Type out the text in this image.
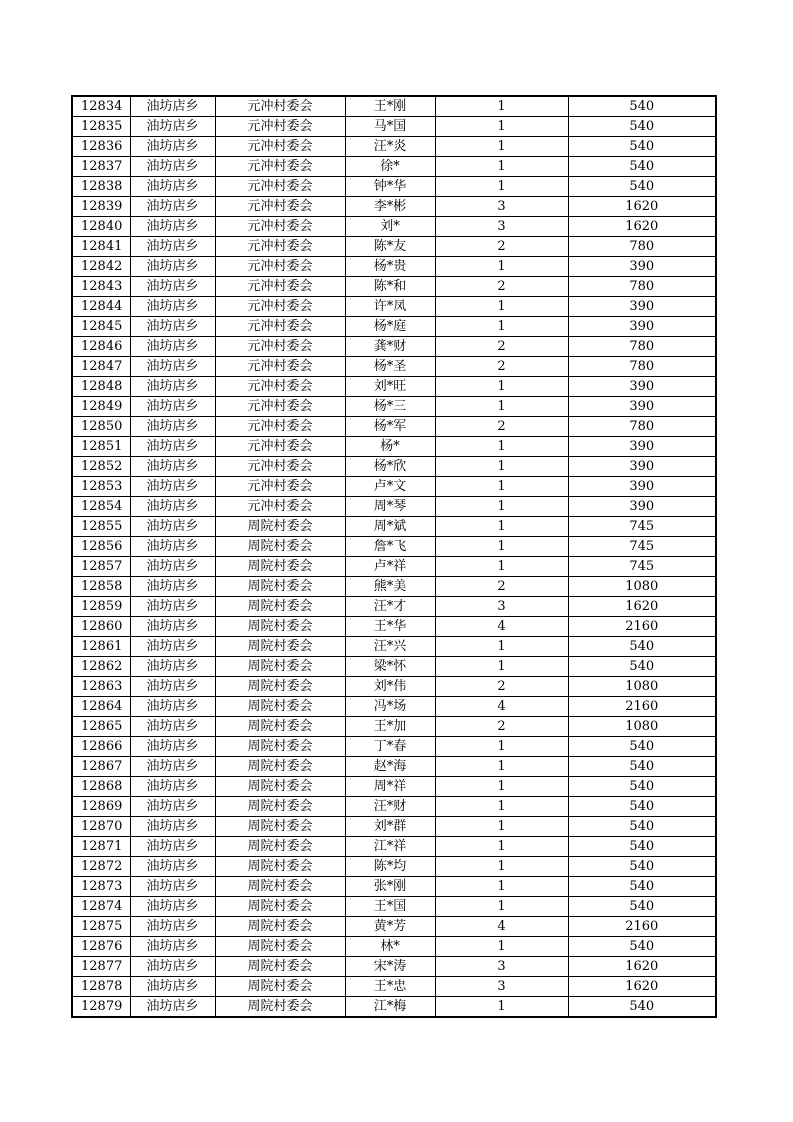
12834	油坊店乡	元冲村委会	王*刚	1	540
12835	油坊店乡	元冲村委会	马*国	1	540
12836	油坊店乡	元冲村委会	汪*炎	1	540
12837	油坊店乡	元冲村委会	徐*	1	540
12838	油坊店乡	元冲村委会	钟*华	1	540
12839	油坊店乡	元冲村委会	李*彬	3	1620
12840	油坊店乡	元冲村委会	刘*	3	1620
12841	油坊店乡	元冲村委会	陈*友	2	780
12842	油坊店乡	元冲村委会	杨*贵	1	390
12843	油坊店乡	元冲村委会	陈*和	2	780
12844	油坊店乡	元冲村委会	许*凤	1	390
12845	油坊店乡	元冲村委会	杨*庭	1	390
12846	油坊店乡	元冲村委会	龚*财	2	780
12847	油坊店乡	元冲村委会	杨*圣	2	780
12848	油坊店乡	元冲村委会	刘*旺	1	390
12849	油坊店乡	元冲村委会	杨*三	1	390
12850	油坊店乡	元冲村委会	杨*军	2	780
12851	油坊店乡	元冲村委会	杨*	1	390
12852	油坊店乡	元冲村委会	杨*欣	1	390
12853	油坊店乡	元冲村委会	卢*文	1	390
12854	油坊店乡	元冲村委会	周*琴	1	390
12855	油坊店乡	周院村委会	周*斌	1	745
12856	油坊店乡	周院村委会	詹*飞	1	745
12857	油坊店乡	周院村委会	卢*祥	1	745
12858	油坊店乡	周院村委会	熊*美	2	1080
12859	油坊店乡	周院村委会	汪*才	3	1620
12860	油坊店乡	周院村委会	王*华	4	2160
12861	油坊店乡	周院村委会	汪*兴	1	540
12862	油坊店乡	周院村委会	梁*怀	1	540
12863	油坊店乡	周院村委会	刘*伟	2	1080
12864	油坊店乡	周院村委会	冯*场	4	2160
12865	油坊店乡	周院村委会	王*加	2	1080
12866	油坊店乡	周院村委会	丁*春	1	540
12867	油坊店乡	周院村委会	赵*海	1	540
12868	油坊店乡	周院村委会	周*祥	1	540
12869	油坊店乡	周院村委会	汪*财	1	540
12870	油坊店乡	周院村委会	刘*群	1	540
12871	油坊店乡	周院村委会	江*祥	1	540
12872	油坊店乡	周院村委会	陈*均	1	540
12873	油坊店乡	周院村委会	张*刚	1	540
12874	油坊店乡	周院村委会	王*国	1	540
12875	油坊店乡	周院村委会	黄*芳	4	2160
12876	油坊店乡	周院村委会	林*	1	540
12877	油坊店乡	周院村委会	宋*涛	3	1620
12878	油坊店乡	周院村委会	王*忠	3	1620
12879	油坊店乡	周院村委会	江*梅	1	540
